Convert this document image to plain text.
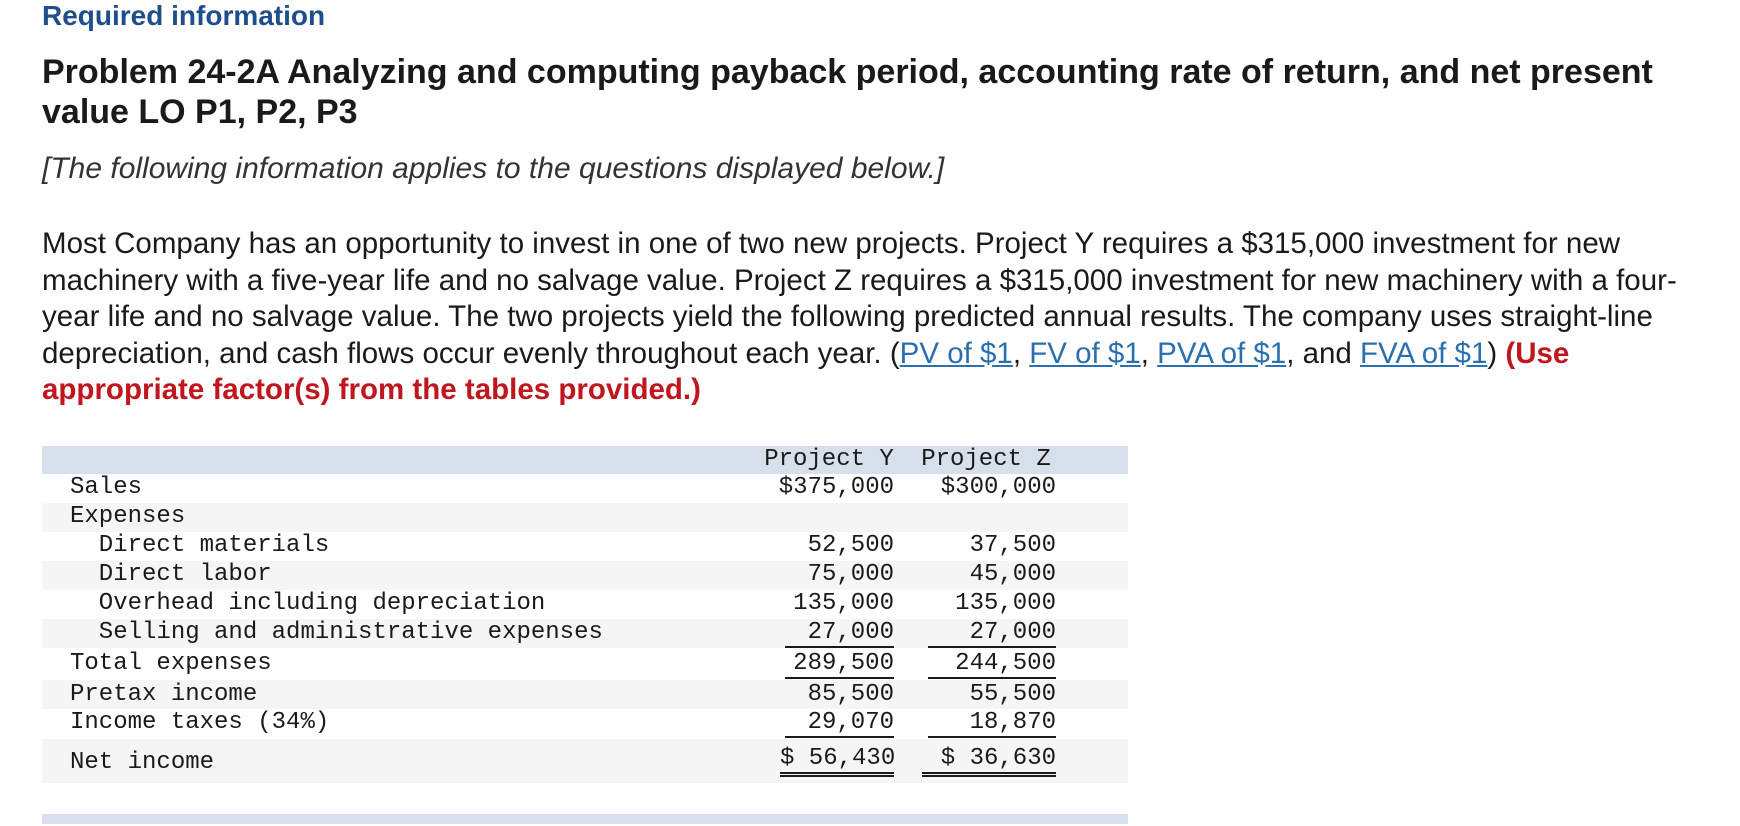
Required information
Problem 24-2A Analyzing and computing payback period, accounting rate of return, and net present value LO P1, P2, P3
[The following information applies to the questions displayed below.]
Most Company has an opportunity to invest in one of two new projects. Project Y requires a $315,000 investment for new machinery with a five-year life and no salvage value. Project Z requires a $315,000 investment for new machinery with a four-year life and no salvage value. The two projects yield the following predicted annual results. The company uses straight-line depreciation, and cash flows occur evenly throughout each year. (PV of $1, FV of $1, PVA of $1, and FVA of $1) (Use appropriate factor(s) from the tables provided.)
Project Y Project Z
Sales	$375,000	$300,000
Expenses
Direct materials	52,500	37,500
Direct labor	75,000	45,000
Overhead including depreciation	135,000	135,000
Selling and administrative expenses	27,000	27,000
Total expenses	289,500	244,500
Pretax income	85,500	55,500
Income taxes (34%)	29,070	18,870
Net income	$ 56,430	$ 36,630
